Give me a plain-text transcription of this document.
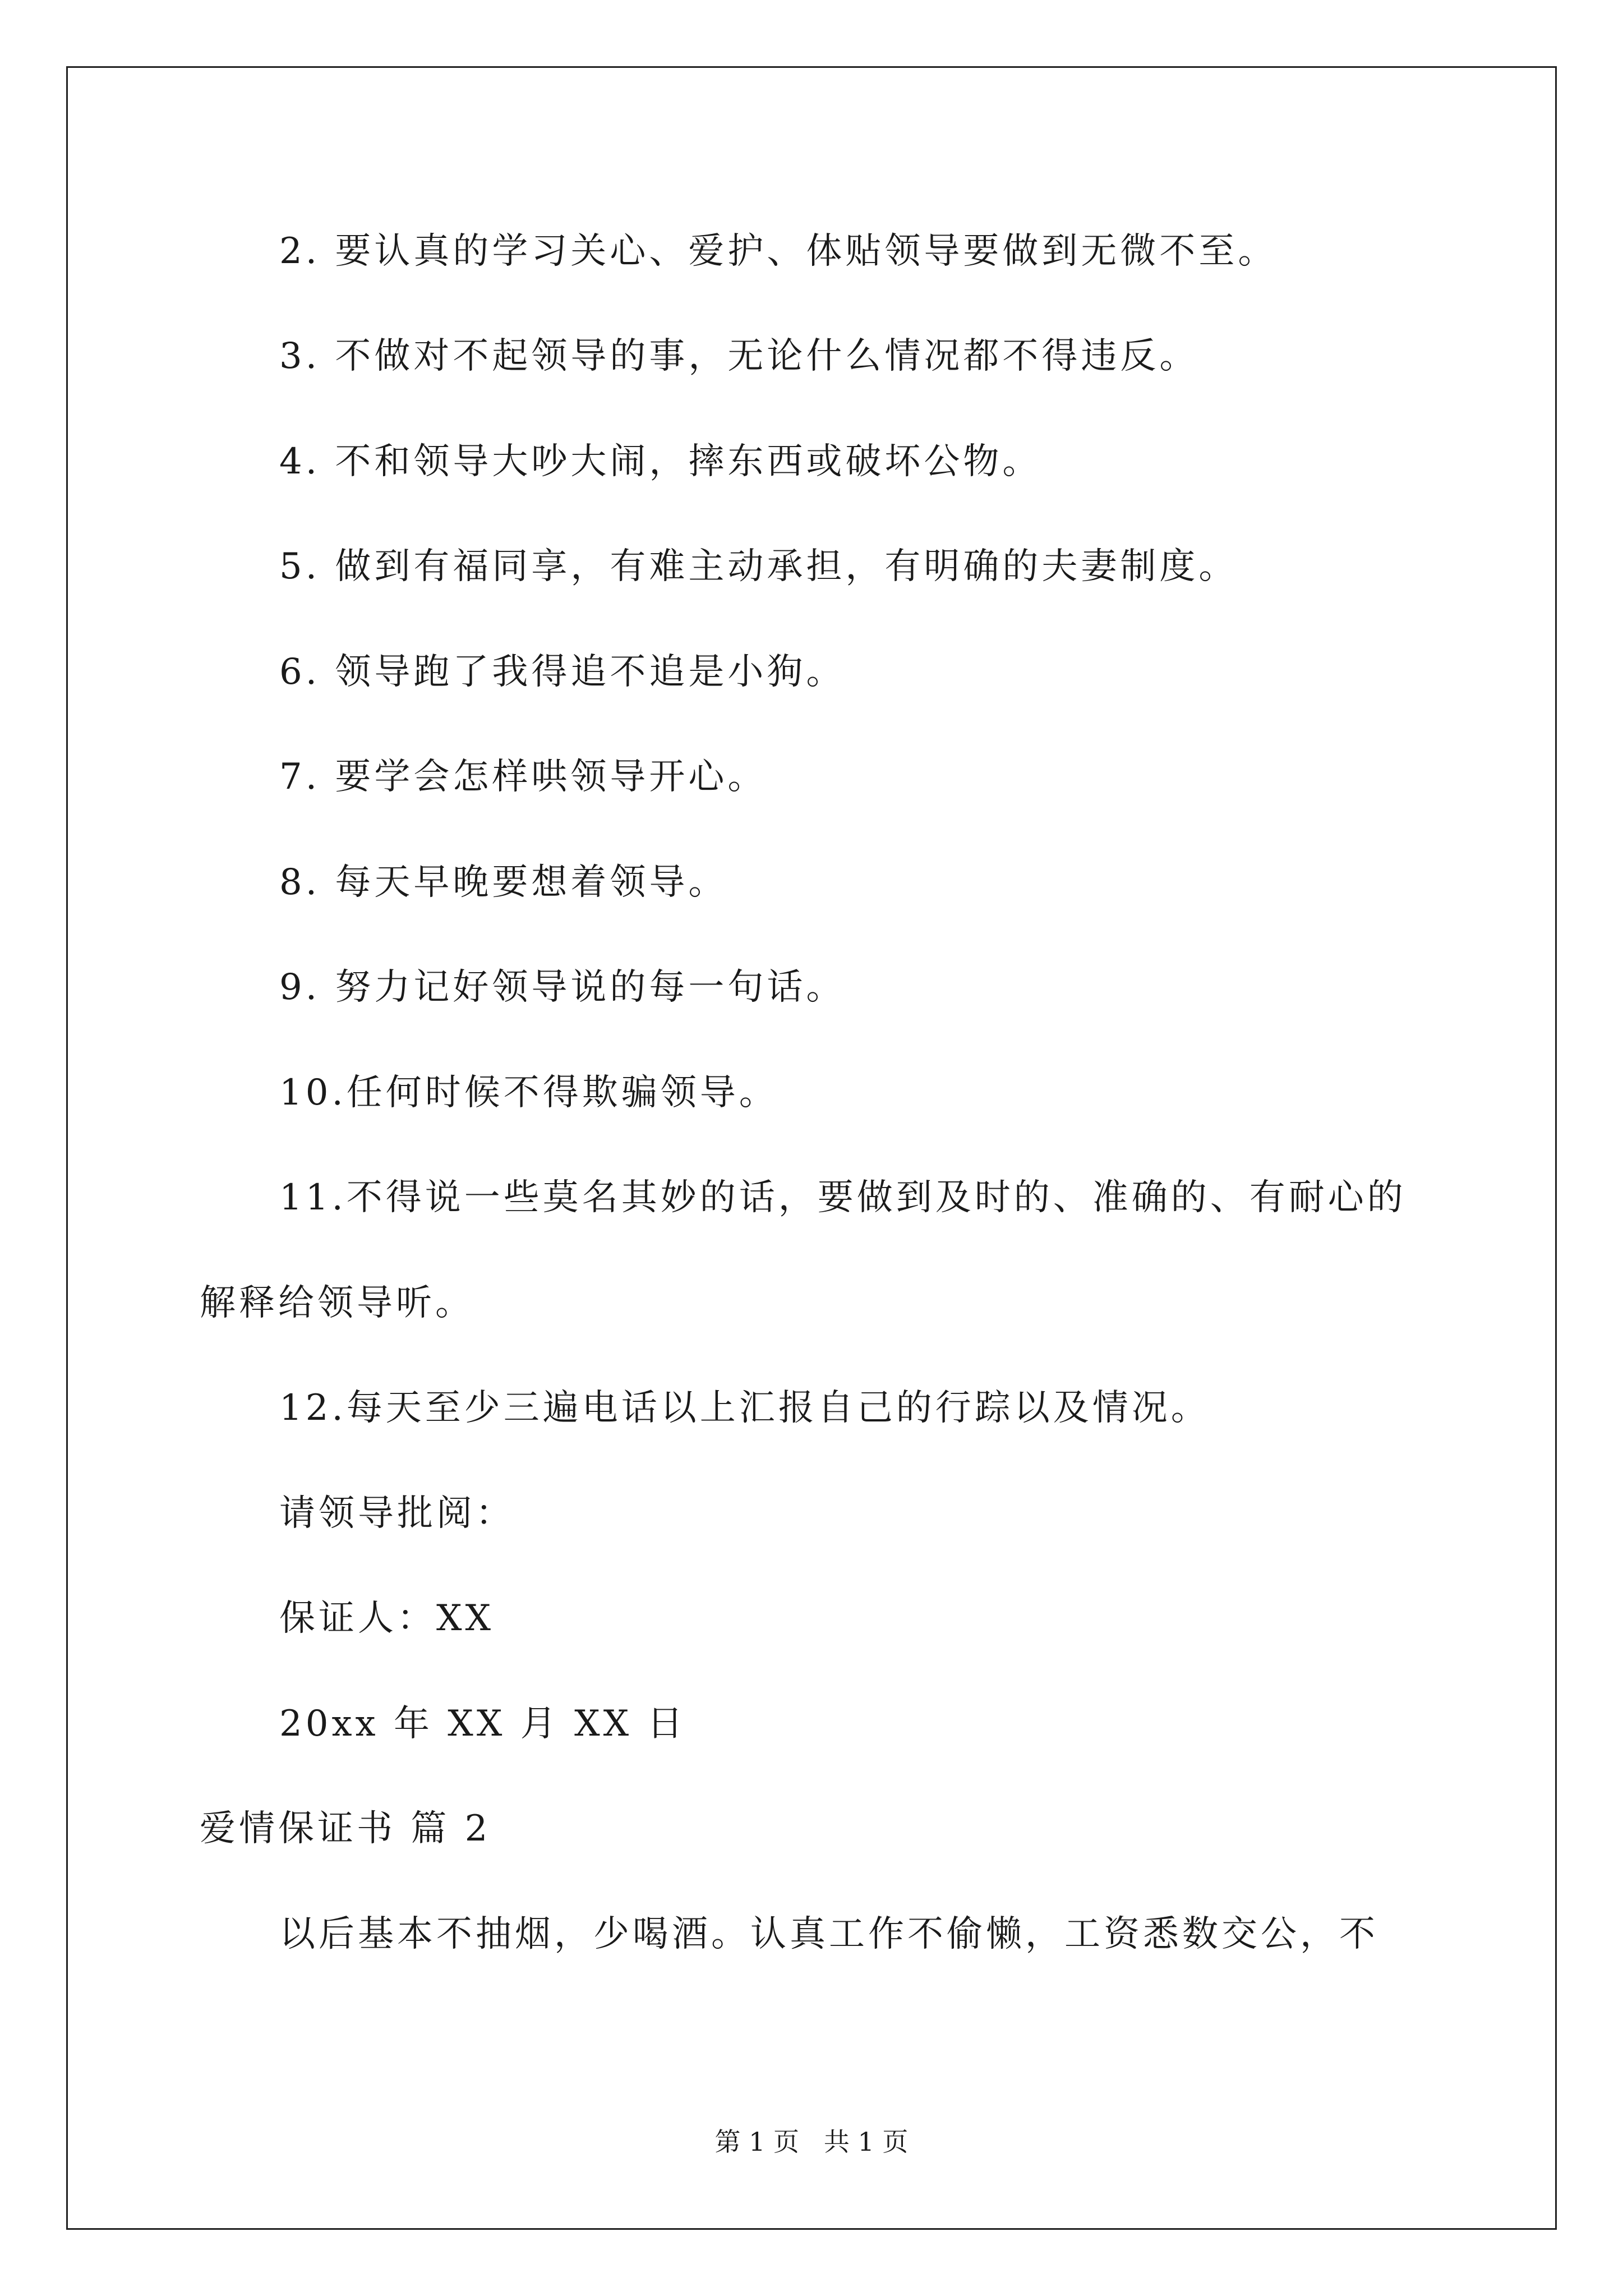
2. 要认真的学习关心、爱护、体贴领导要做到无微不至。
3. 不做对不起领导的事，无论什么情况都不得违反。
4. 不和领导大吵大闹，摔东西或破坏公物。
5. 做到有福同享，有难主动承担，有明确的夫妻制度。
6. 领导跑了我得追不追是小狗。
7. 要学会怎样哄领导开心。
8. 每天早晚要想着领导。
9. 努力记好领导说的每一句话。
10.任何时候不得欺骗领导。
11.不得说一些莫名其妙的话，要做到及时的、准确的、有耐心的
解释给领导听。
12.每天至少三遍电话以上汇报自己的行踪以及情况。
请领导批阅：
保证人：XX
20xx 年 XX 月 XX 日
爱情保证书 篇 2
以后基本不抽烟，少喝酒。认真工作不偷懒，工资悉数交公，不
第 1 页   共 1 页
